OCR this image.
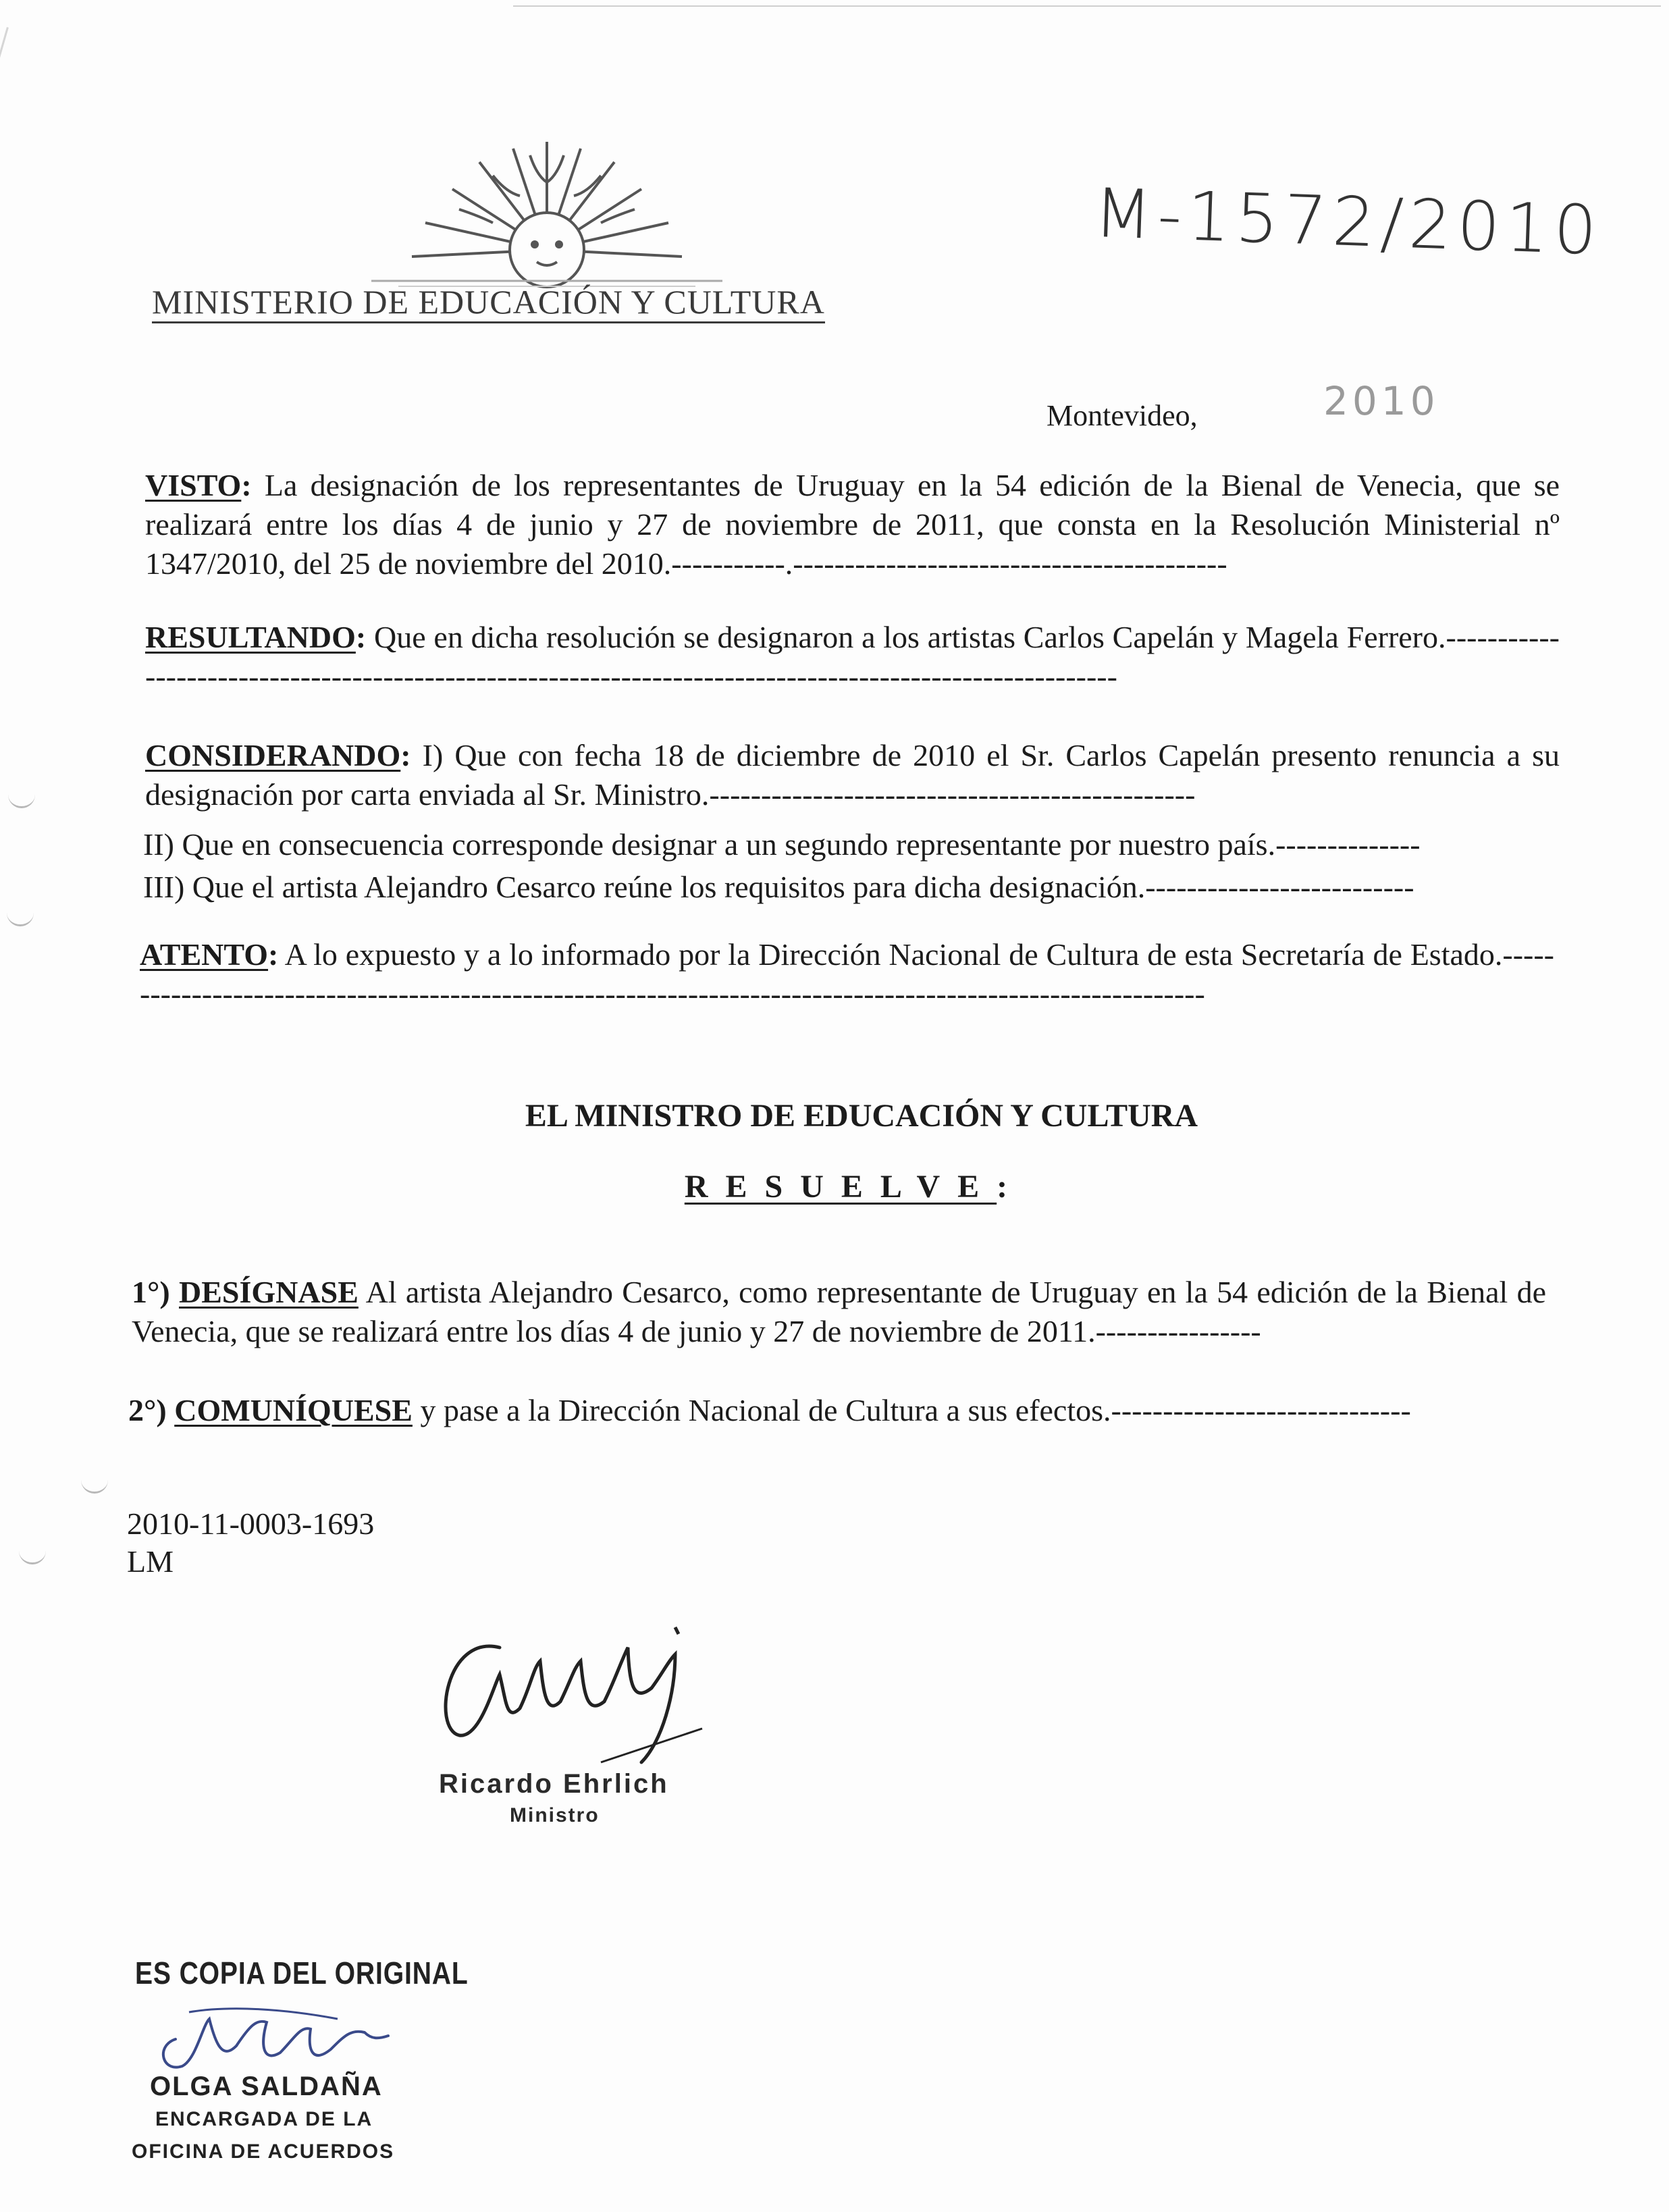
MINISTERIO DE EDUCACIÓN Y CULTURA
M-1572/2010
Montevideo,	2010
VISTO: La designación de los representantes de Uruguay en la 54 edición de la Bienal de Venecia, que se realizará entre los días 4 de junio y 27 de noviembre de 2011, que consta en la Resolución Ministerial nº 1347/2010, del 25 de noviembre del 2010.-----------.------------------------------------------
RESULTANDO: Que en dicha resolución se designaron a los artistas Carlos Capelán y Magela Ferrero.---------------------------------------------------------------------------------------------------------
CONSIDERANDO: I) Que con fecha 18 de diciembre de 2010 el Sr. Carlos Capelán presento renuncia a su designación por carta enviada al Sr. Ministro.-----------------------------------------------
II) Que en consecuencia corresponde designar a un segundo representante por nuestro país.--------------
III) Que el artista Alejandro Cesarco reúne los requisitos para dicha designación.--------------------------
ATENTO: A lo expuesto y a lo informado por la Dirección Nacional de Cultura de esta Secretaría de Estado.------------------------------------------------------------------------------------------------------------
EL MINISTRO DE EDUCACIÓN Y CULTURA
RESUELVE:
1°) DESÍGNASE Al artista Alejandro Cesarco, como representante de Uruguay en la 54 edición de la Bienal de Venecia, que se realizará entre los días 4 de junio y 27 de noviembre de 2011.----------------
2°) COMUNÍQUESE y pase a la Dirección Nacional de Cultura a sus efectos.-----------------------------
2010-11-0003-1693
LM
Ricardo Ehrlich
Ministro
ES COPIA DEL ORIGINAL
OLGA SALDAÑA
ENCARGADA DE LA
OFICINA DE ACUERDOS
